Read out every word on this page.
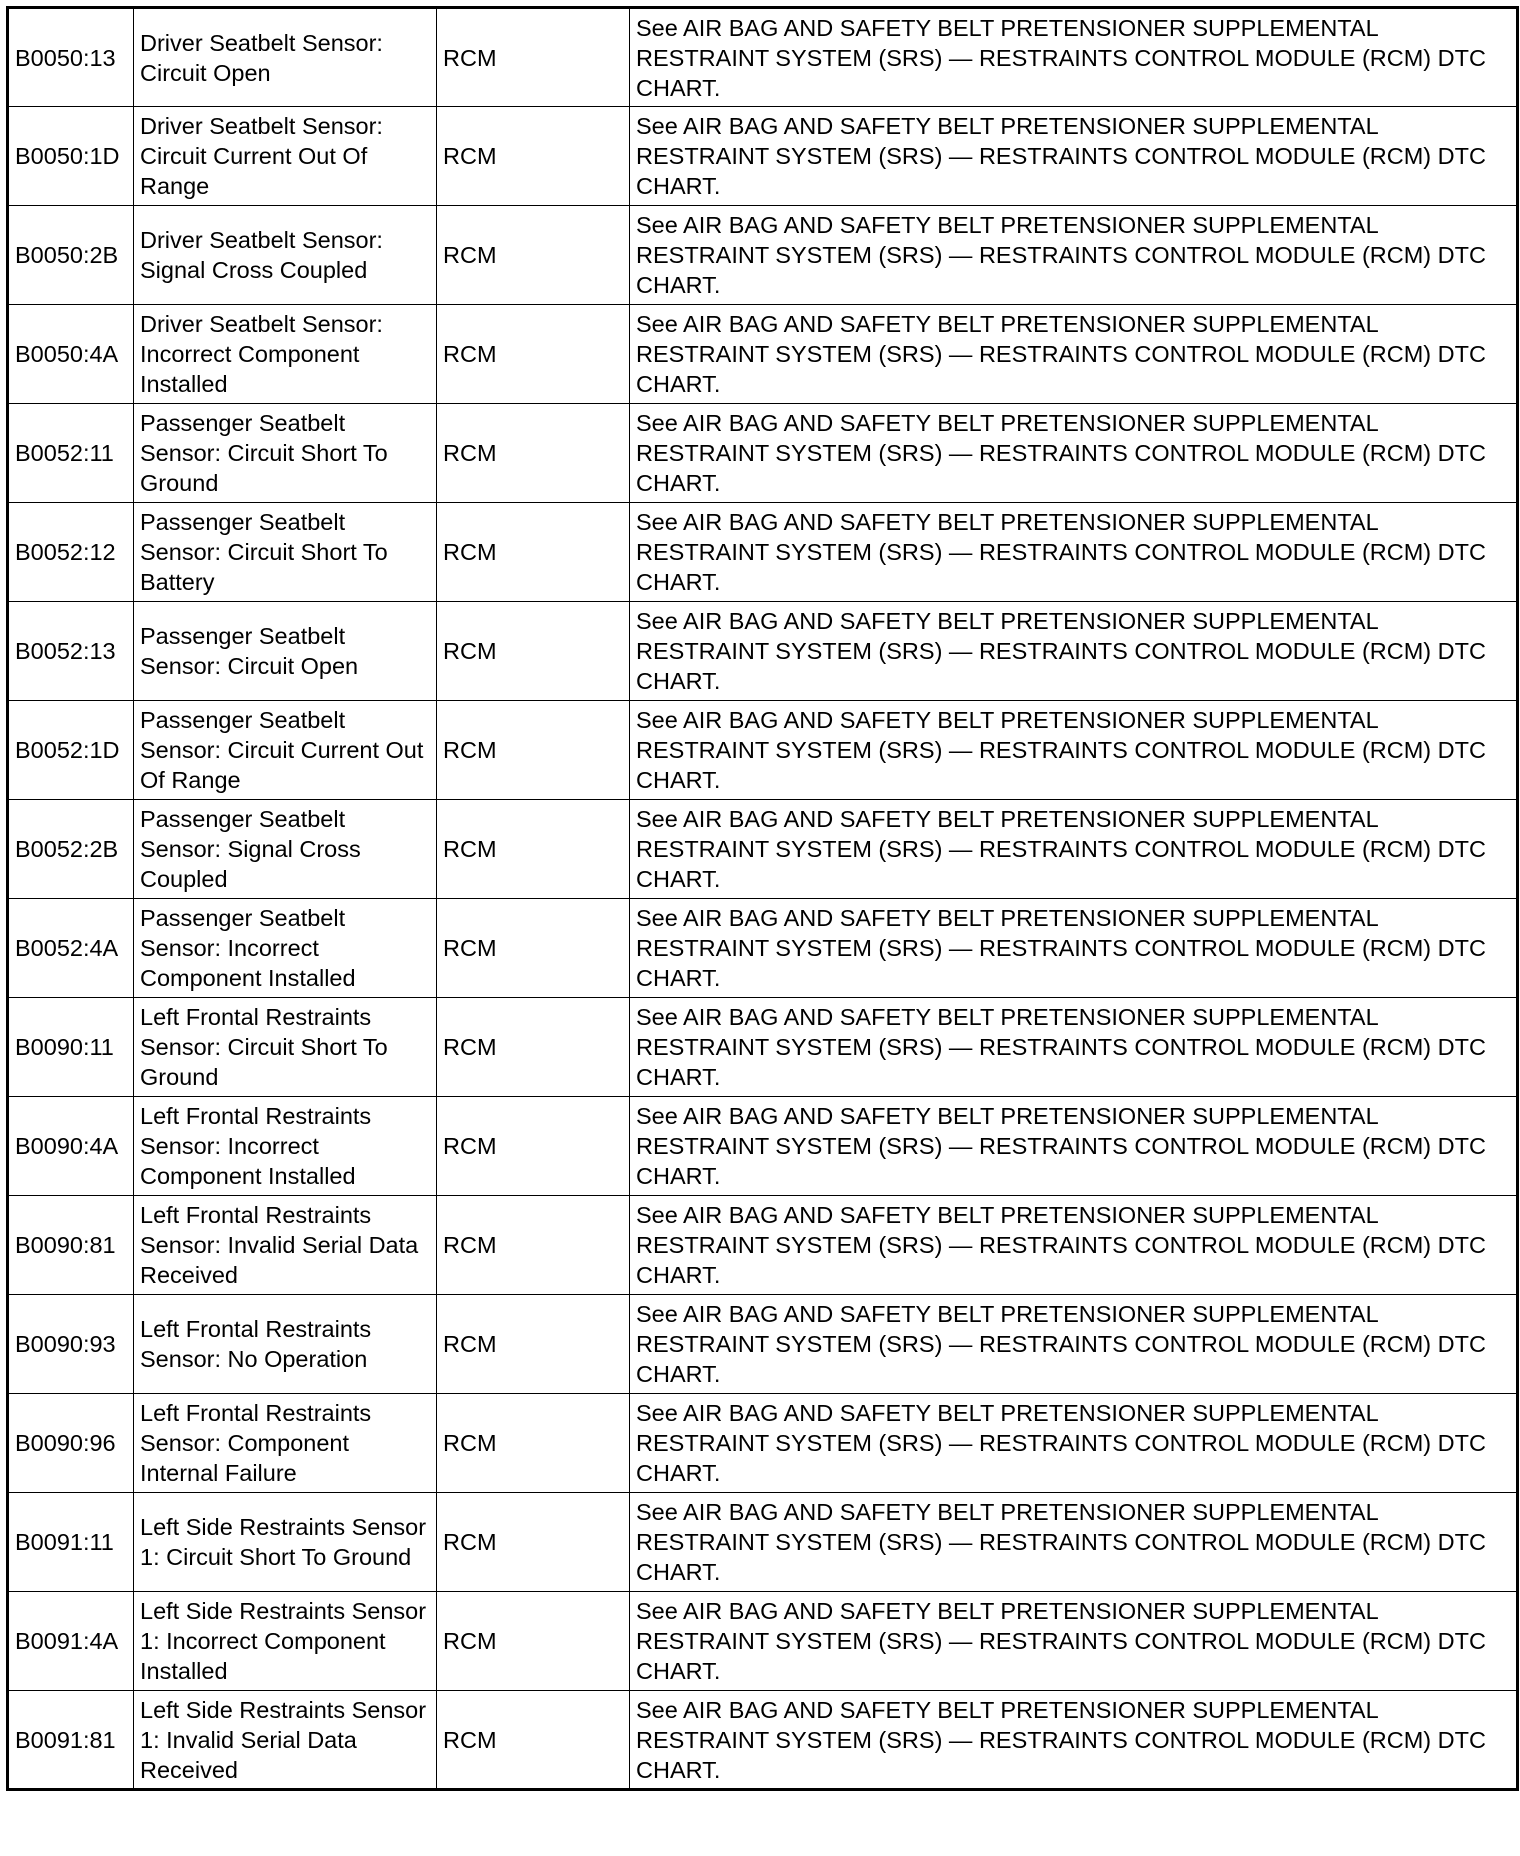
B0050:13	Driver Seatbelt Sensor: Circuit Open	RCM	See AIR BAG AND SAFETY BELT PRETENSIONER SUPPLEMENTAL RESTRAINT SYSTEM (SRS) — RESTRAINTS CONTROL MODULE (RCM) DTC CHART.
B0050:1D	Driver Seatbelt Sensor: Circuit Current Out Of Range	RCM	See AIR BAG AND SAFETY BELT PRETENSIONER SUPPLEMENTAL RESTRAINT SYSTEM (SRS) — RESTRAINTS CONTROL MODULE (RCM) DTC CHART.
B0050:2B	Driver Seatbelt Sensor: Signal Cross Coupled	RCM	See AIR BAG AND SAFETY BELT PRETENSIONER SUPPLEMENTAL RESTRAINT SYSTEM (SRS) — RESTRAINTS CONTROL MODULE (RCM) DTC CHART.
B0050:4A	Driver Seatbelt Sensor: Incorrect Component Installed	RCM	See AIR BAG AND SAFETY BELT PRETENSIONER SUPPLEMENTAL RESTRAINT SYSTEM (SRS) — RESTRAINTS CONTROL MODULE (RCM) DTC CHART.
B0052:11	Passenger Seatbelt Sensor: Circuit Short To Ground	RCM	See AIR BAG AND SAFETY BELT PRETENSIONER SUPPLEMENTAL RESTRAINT SYSTEM (SRS) — RESTRAINTS CONTROL MODULE (RCM) DTC CHART.
B0052:12	Passenger Seatbelt Sensor: Circuit Short To Battery	RCM	See AIR BAG AND SAFETY BELT PRETENSIONER SUPPLEMENTAL RESTRAINT SYSTEM (SRS) — RESTRAINTS CONTROL MODULE (RCM) DTC CHART.
B0052:13	Passenger Seatbelt Sensor: Circuit Open	RCM	See AIR BAG AND SAFETY BELT PRETENSIONER SUPPLEMENTAL RESTRAINT SYSTEM (SRS) — RESTRAINTS CONTROL MODULE (RCM) DTC CHART.
B0052:1D	Passenger Seatbelt Sensor: Circuit Current Out Of Range	RCM	See AIR BAG AND SAFETY BELT PRETENSIONER SUPPLEMENTAL RESTRAINT SYSTEM (SRS) — RESTRAINTS CONTROL MODULE (RCM) DTC CHART.
B0052:2B	Passenger Seatbelt Sensor: Signal Cross Coupled	RCM	See AIR BAG AND SAFETY BELT PRETENSIONER SUPPLEMENTAL RESTRAINT SYSTEM (SRS) — RESTRAINTS CONTROL MODULE (RCM) DTC CHART.
B0052:4A	Passenger Seatbelt Sensor: Incorrect Component Installed	RCM	See AIR BAG AND SAFETY BELT PRETENSIONER SUPPLEMENTAL RESTRAINT SYSTEM (SRS) — RESTRAINTS CONTROL MODULE (RCM) DTC CHART.
B0090:11	Left Frontal Restraints Sensor: Circuit Short To Ground	RCM	See AIR BAG AND SAFETY BELT PRETENSIONER SUPPLEMENTAL RESTRAINT SYSTEM (SRS) — RESTRAINTS CONTROL MODULE (RCM) DTC CHART.
B0090:4A	Left Frontal Restraints Sensor: Incorrect Component Installed	RCM	See AIR BAG AND SAFETY BELT PRETENSIONER SUPPLEMENTAL RESTRAINT SYSTEM (SRS) — RESTRAINTS CONTROL MODULE (RCM) DTC CHART.
B0090:81	Left Frontal Restraints Sensor: Invalid Serial Data Received	RCM	See AIR BAG AND SAFETY BELT PRETENSIONER SUPPLEMENTAL RESTRAINT SYSTEM (SRS) — RESTRAINTS CONTROL MODULE (RCM) DTC CHART.
B0090:93	Left Frontal Restraints Sensor: No Operation	RCM	See AIR BAG AND SAFETY BELT PRETENSIONER SUPPLEMENTAL RESTRAINT SYSTEM (SRS) — RESTRAINTS CONTROL MODULE (RCM) DTC CHART.
B0090:96	Left Frontal Restraints Sensor: Component Internal Failure	RCM	See AIR BAG AND SAFETY BELT PRETENSIONER SUPPLEMENTAL RESTRAINT SYSTEM (SRS) — RESTRAINTS CONTROL MODULE (RCM) DTC CHART.
B0091:11	Left Side Restraints Sensor 1: Circuit Short To Ground	RCM	See AIR BAG AND SAFETY BELT PRETENSIONER SUPPLEMENTAL RESTRAINT SYSTEM (SRS) — RESTRAINTS CONTROL MODULE (RCM) DTC CHART.
B0091:4A	Left Side Restraints Sensor 1: Incorrect Component Installed	RCM	See AIR BAG AND SAFETY BELT PRETENSIONER SUPPLEMENTAL RESTRAINT SYSTEM (SRS) — RESTRAINTS CONTROL MODULE (RCM) DTC CHART.
B0091:81	Left Side Restraints Sensor 1: Invalid Serial Data Received	RCM	See AIR BAG AND SAFETY BELT PRETENSIONER SUPPLEMENTAL RESTRAINT SYSTEM (SRS) — RESTRAINTS CONTROL MODULE (RCM) DTC CHART.
